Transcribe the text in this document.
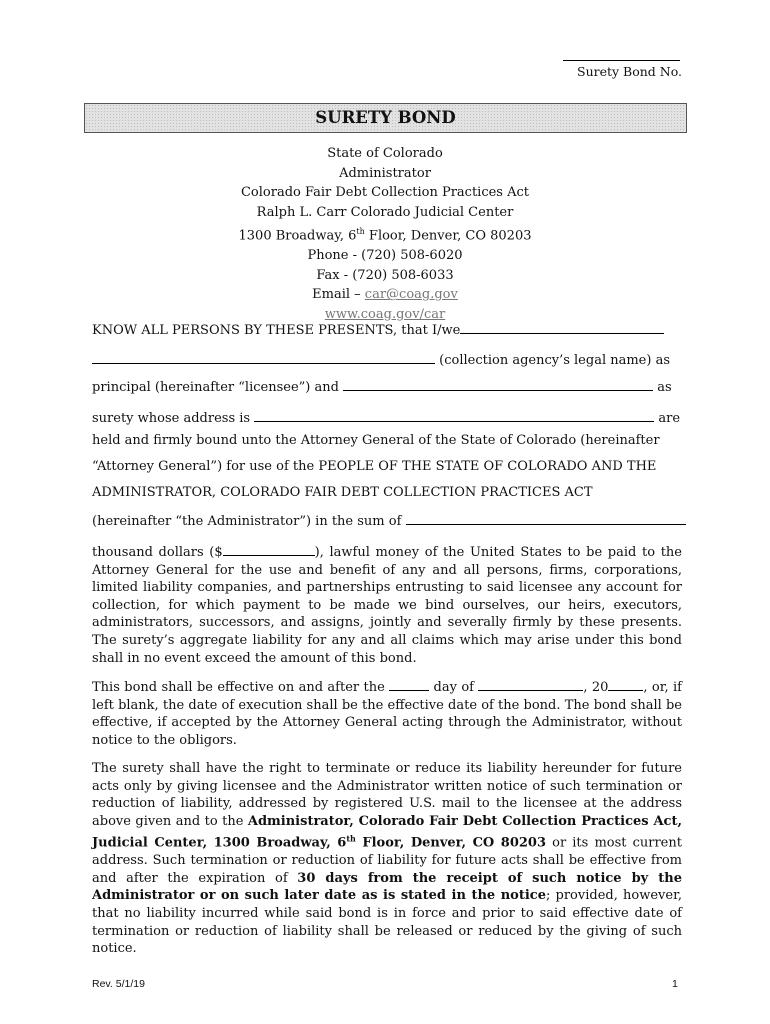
Surety Bond No.
SURETY BOND
State of Colorado
Administrator
Colorado Fair Debt Collection Practices Act
Ralph L. Carr Colorado Judicial Center
1300 Broadway, 6th Floor, Denver, CO 80203
Phone - (720) 508-6020
Fax - (720) 508-6033
Email – car@coag.gov
www.coag.gov/car
KNOW ALL PERSONS BY THESE PRESENTS, that I/we
(collection agency’s legal name) as
principal (hereinafter “licensee”) and	as
surety whose address is	are
held and firmly bound unto the Attorney General of the State of Colorado (hereinafter
“Attorney General”) for use of the PEOPLE OF THE STATE OF COLORADO AND THE
ADMINISTRATOR, COLORADO FAIR DEBT COLLECTION PRACTICES ACT
(hereinafter “the Administrator”) in the sum of
thousand dollars ($	), lawful money of the United States to be paid to the Attorney General for the use and benefit of any and all persons, firms, corporations, limited liability companies, and partnerships entrusting to said licensee any account for collection, for which payment to be made we bind ourselves, our heirs, executors, administrators, successors, and assigns, jointly and severally firmly by these presents. The surety’s aggregate liability for any and all claims which may arise under this bond shall in no event exceed the amount of this bond.
This bond shall be effective on and after the	day of	, 20	, or, if left blank, the date of execution shall be the effective date of the bond. The bond shall be effective, if accepted by the Attorney General acting through the Administrator, without notice to the obligors.
The surety shall have the right to terminate or reduce its liability hereunder for future acts only by giving licensee and the Administrator written notice of such termination or reduction of liability, addressed by registered U.S. mail to the licensee at the address above given and to the Administrator, Colorado Fair Debt Collection Practices Act, Judicial Center, 1300 Broadway, 6th Floor, Denver, CO 80203 or its most current address. Such termination or reduction of liability for future acts shall be effective from and after the expiration of 30 days from the receipt of such notice by the Administrator or on such later date as is stated in the notice; provided, however, that no liability incurred while said bond is in force and prior to said effective date of termination or reduction of liability shall be released or reduced by the giving of such notice.
Rev. 5/1/19	1
